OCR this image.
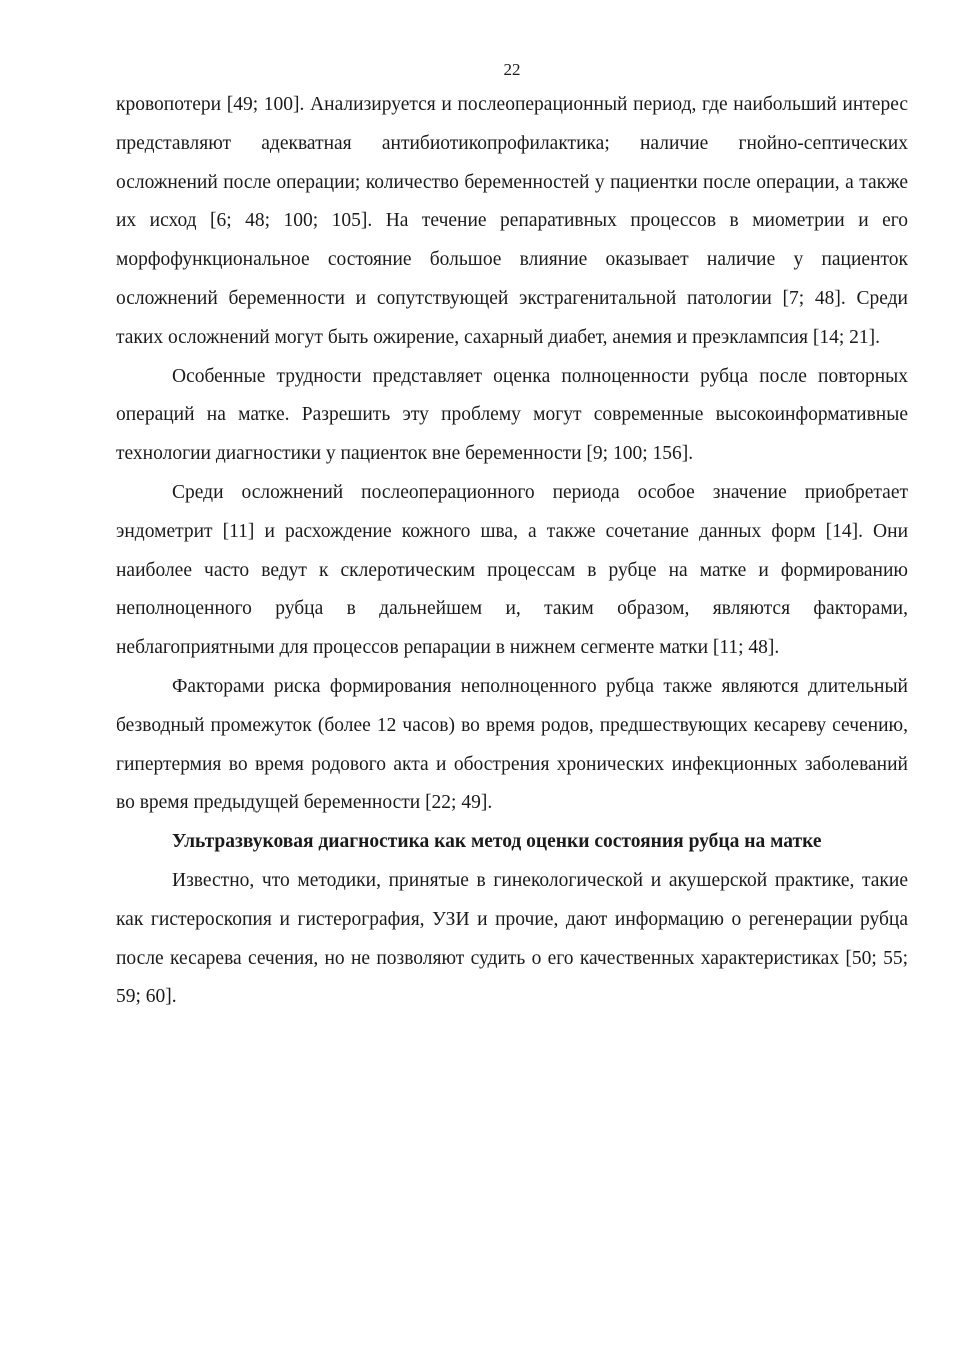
22

кровопотери [49; 100]. Анализируется и послеоперационный период, где наибольший интерес представляют адекватная антибиотикопрофилактика; наличие гнойно-септических осложнений после операции; количество беременностей у пациентки после операции, а также их исход [6; 48; 100; 105]. На течение репаративных процессов в миометрии и его морфофункциональное состояние большое влияние оказывает наличие у пациенток осложнений беременности и сопутствующей экстрагенитальной патологии [7; 48]. Среди таких осложнений могут быть ожирение, сахарный диабет, анемия и преэклампсия [14; 21].

Особенные трудности представляет оценка полноценности рубца после повторных операций на матке. Разрешить эту проблему могут современные высокоинформативные технологии диагностики у пациенток вне беременности [9; 100; 156].

Среди осложнений послеоперационного периода особое значение приобретает эндометрит [11] и расхождение кожного шва, а также сочетание данных форм [14]. Они наиболее часто ведут к склеротическим процессам в рубце на матке и формированию неполноценного рубца в дальнейшем и, таким образом, являются факторами, неблагоприятными для процессов репарации в нижнем сегменте матки [11; 48].

Факторами риска формирования неполноценного рубца также являются длительный безводный промежуток (более 12 часов) во время родов, предшествующих кесареву сечению, гипертермия во время родового акта и обострения хронических инфекционных заболеваний во время предыдущей беременности [22; 49].

Ультразвуковая диагностика как метод оценки состояния рубца на матке

Известно, что методики, принятые в гинекологической и акушерской практике, такие как гистероскопия и гистерография, УЗИ и прочие, дают информацию о регенерации рубца после кесарева сечения, но не позволяют судить о его качественных характеристиках [50; 55; 59; 60].
